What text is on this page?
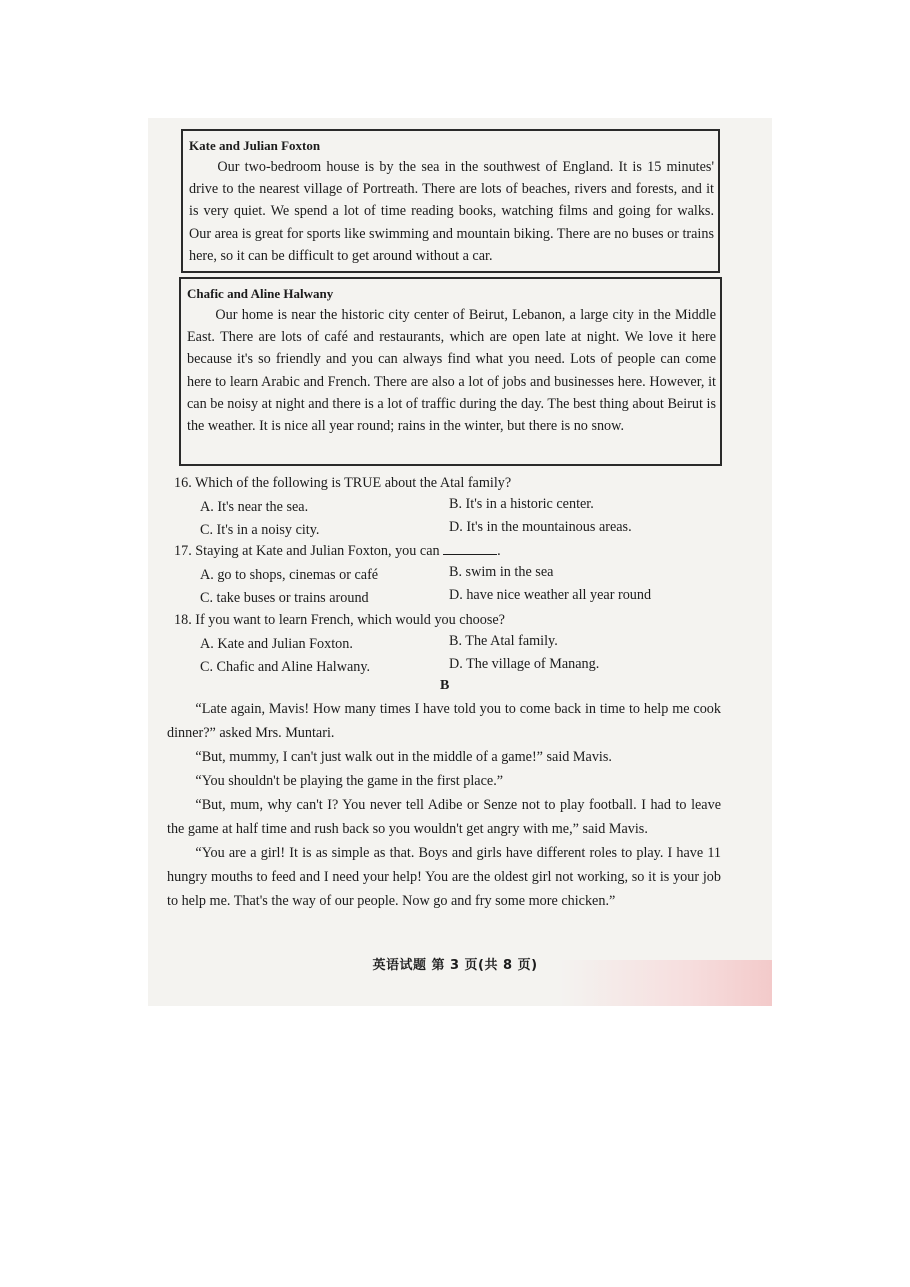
Kate and Julian Foxton

Our two-bedroom house is by the sea in the southwest of England. It is 15 minutes' drive to the nearest village of Portreath. There are lots of beaches, rivers and forests, and it is very quiet. We spend a lot of time reading books, watching films and going for walks. Our area is great for sports like swimming and mountain biking. There are no buses or trains here, so it can be difficult to get around without a car.

Chafic and Aline Halwany

Our home is near the historic city center of Beirut, Lebanon, a large city in the Middle East. There are lots of café and restaurants, which are open late at night. We love it here because it's so friendly and you can always find what you need. Lots of people can come here to learn Arabic and French. There are also a lot of jobs and businesses here. However, it can be noisy at night and there is a lot of traffic during the day. The best thing about Beirut is the weather. It is nice all year round; rains in the winter, but there is no snow.

16. Which of the following is TRUE about the Atal family?
A. It's near the sea.	B. It's in a historic center.
C. It's in a noisy city.	D. It's in the mountainous areas.
17. Staying at Kate and Julian Foxton, you can	.
A. go to shops, cinemas or café	B. swim in the sea
C. take buses or trains around	D. have nice weather all year round
18. If you want to learn French, which would you choose?
A. Kate and Julian Foxton.	B. The Atal family.
C. Chafic and Aline Halwany.	D. The village of Manang.
B

“Late again, Mavis! How many times I have told you to come back in time to help me cook dinner?” asked Mrs. Muntari.

“But, mummy, I can't just walk out in the middle of a game!” said Mavis.

“You shouldn't be playing the game in the first place.”

“But, mum, why can't I? You never tell Adibe or Senze not to play football. I had to leave the game at half time and rush back so you wouldn't get angry with me,” said Mavis.

“You are a girl! It is as simple as that. Boys and girls have different roles to play. I have 11 hungry mouths to feed and I need your help! You are the oldest girl not working, so it is your job to help me. That's the way of our people. Now go and fry some more chicken.”

英语试题 第 3 页(共 8 页)
